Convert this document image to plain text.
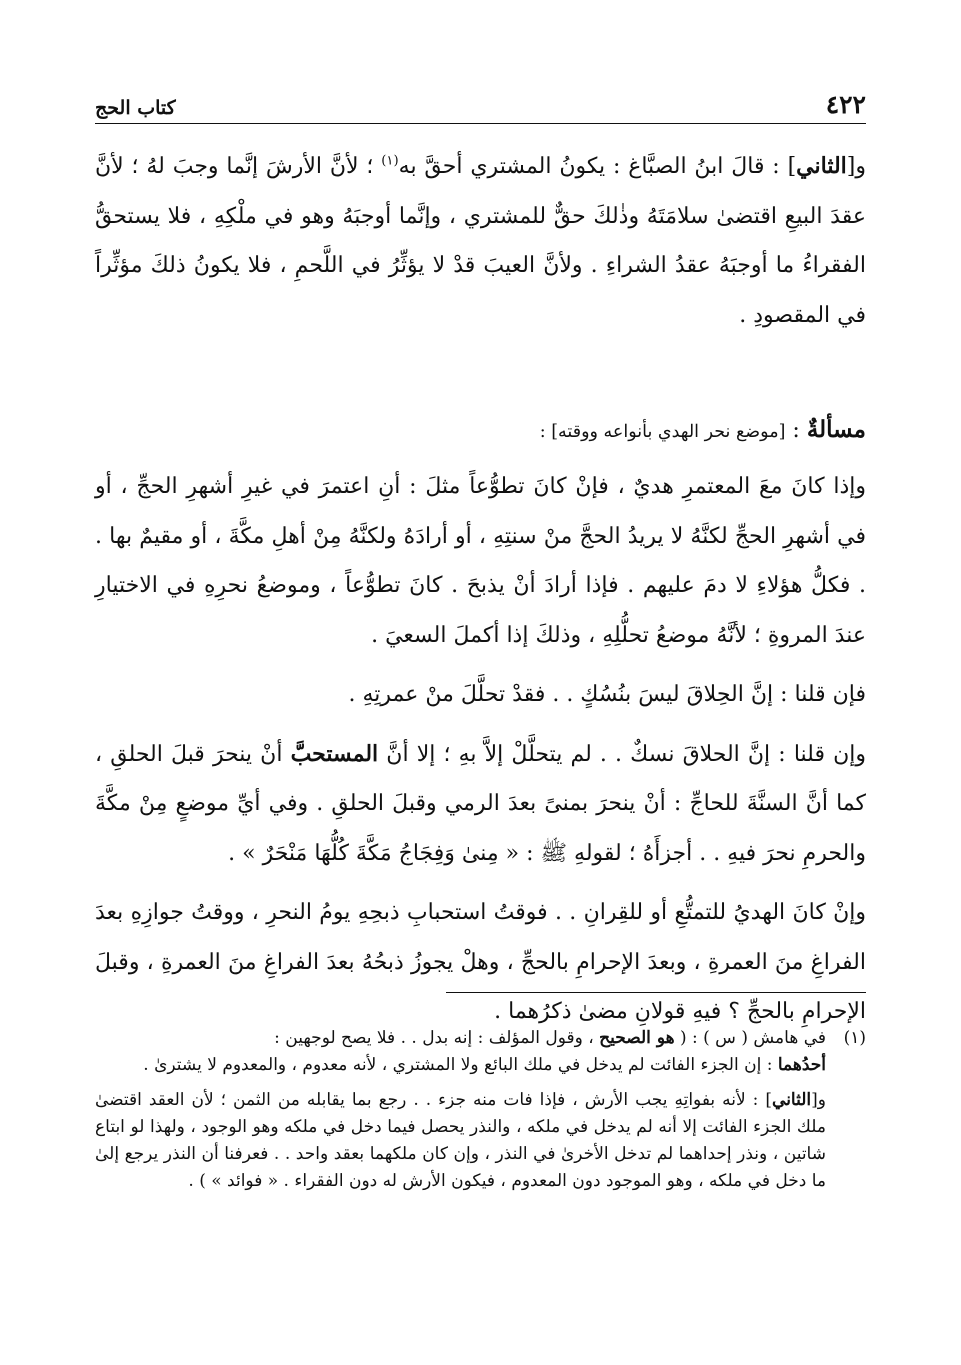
كتاب الحج	٤٢٢

و[الثاني] : قالَ ابنُ الصبَّاغ : يكونُ المشتري أحقَّ به$^{(١)}$ ؛ لأنَّ الأرشَ إنَّما وجبَ لهُ ؛ لأنَّ عقدَ البيعِ اقتضىٰ سلامَتَهُ وذٰلكَ حقٌّ للمشتري ، وإنَّما أوجبَهُ وهو في ملْكِهِ ، فلا يستحقُّ الفقراءُ ما أوجبَهُ عقدُ الشراءِ . ولأنَّ العيبَ قدْ لا يؤثِّرُ في اللَّحمِ ، فلا يكونُ ذلكَ مؤثِّراً في المقصودِ .

مسألةٌ : [موضع نحر الهدي بأنواعه ووقته] :

وإذا كانَ معَ المعتمرِ هديٌ ، فإنْ كانَ تطوُّعاً مثلَ : أنِ اعتمرَ في غيرِ أشهرِ الحجِّ ، أو في أشهرِ الحجِّ لكنَّهُ لا يريدُ الحجَّ منْ سنتِهِ ، أو أرادَهُ ولكنَّهُ مِنْ أهلِ مكَّةَ ، أو مقيمٌ بها . . فكلُّ هؤلاءِ لا دمَ عليهم . فإذا أرادَ أنْ يذبحَ . كانَ تطوُّعاً ، وموضعُ نحرِهِ في الاختيارِ عندَ المروةِ ؛ لأنَّهُ موضعُ تحلُّلِهِ ، وذلكَ إذا أكملَ السعيَ .

فإن قلنا : إنَّ الحِلاقَ ليسَ بنُسُكٍ . . فقدْ تحلَّلَ منْ عمرتِهِ .

وإن قلنا : إنَّ الحلاقَ نسكٌ . . لم يتحلَّلْ إلاَّ بهِ ؛ إلا أنَّ المستحبَّ أنْ ينحرَ قبلَ الحلقِ ، كما أنَّ السنَّةَ للحاجِّ : أنْ ينحرَ بمنىً بعدَ الرمي وقبلَ الحلقِ . وفي أيِّ موضعٍ مِنْ مكَّةَ والحرمِ نحرَ فيهِ . . أجزأَهُ ؛ لقولهِ ﷺ : « مِنىٰ وَفِجَاجُ مَكَّةَ كُلُّهَا مَنْحَرٌ » .

وإنْ كانَ الهديُ للتمتُّعِ أو للقِرانِ . . فوقتُ استحبابِ ذبحِهِ يومُ النحرِ ، ووقتُ جوازِهِ بعدَ الفراغِ منَ العمرةِ ، وبعدَ الإحرامِ بالحجِّ ، وهلْ يجوزُ ذبحُهُ بعدَ الفراغِ منَ العمرةِ ، وقبلَ الإحرامِ بالحجِّ ؟ فيهِ قولانِ مضىٰ ذكرُهما .

(١)في هامش ( س ) : ( هو الصحيح ، وقول المؤلف : إنه بدل . . فلا يصح لوجهين :

أحدُهما : إن الجزء الفائت لم يدخل في ملك البائع ولا المشتري ، لأنه معدوم ، والمعدوم لا يشترىٰ .

و[الثاني] : لأنه بفواتِهِ يجب الأرش ، فإذا فات منه جزء . . رجع بما يقابله من الثمن ؛ لأن العقد اقتضىٰ ملك الجزء الفائت إلا أنه لم يدخل في ملكه ، والنذر يحصل فيما دخل في ملكه وهو الوجود ، ولهذا لو ابتاع شاتين ، ونذر إحداهما لم تدخل الأخرىٰ في النذر ، وإن كان ملكهما بعقد واحد . . فعرفنا أن النذر يرجع إلىٰ ما دخل في ملكه ، وهو الموجود دون المعدوم ، فيكون الأرش له دون الفقراء . « فوائد » ) .
